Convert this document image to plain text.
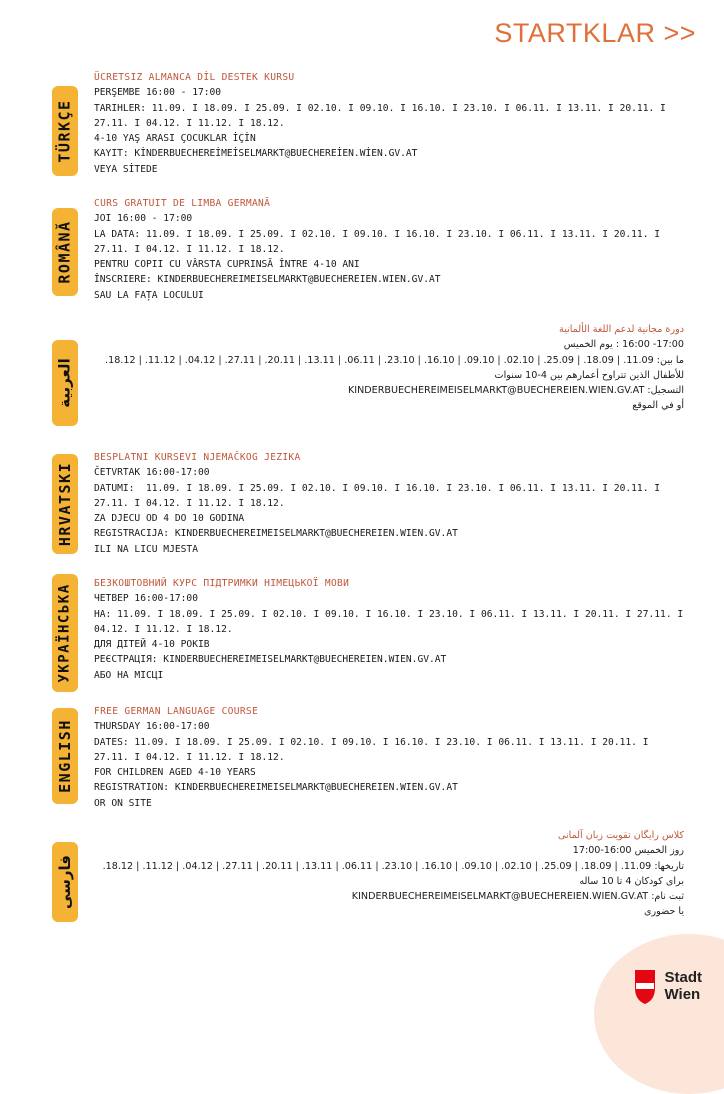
STARTKLAR >>
TÜRKÇE
ÜCRETSIZ ALMANCA DİL DESTEK KURSU
PERŞEMBE 16:00 - 17:00
TARIHLER: 11.09. I 18.09. I 25.09. I 02.10. I 09.10. I 16.10. I 23.10. I 06.11. I 13.11. I 20.11. I 27.11. I 04.12. I 11.12. I 18.12.
4-10 YAŞ ARASI ÇOCUKLAR İÇİN
KAYIT: KİNDERBUECHEREİMEİSELMARKT@BUECHEREİEN.WİEN.GV.AT
VEYA SİTEDE
ROMÂNĂ
CURS GRATUIT DE LIMBA GERMANĂ
JOI 16:00 - 17:00
LA DATA: 11.09. I 18.09. I 25.09. I 02.10. I 09.10. I 16.10. I 23.10. I 06.11. I 13.11. I 20.11. I 27.11. I 04.12. I 11.12. I 18.12.
PENTRU COPII CU VÂRSTA CUPRINSĂ ÎNTRE 4-10 ANI
ÎNSCRIERE: KINDERBUECHEREIMEISELMARKT@BUECHEREIEN.WIEN.GV.AT
SAU LA FAȚA LOCULUI
العربية
دورة مجانية لدعم اللغة الألمانية
17:00- 16:00 : يوم الخميس
ما بين: 11.09. | 18.09. | 25.09. | 02.10. | 09.10. | 16.10. | 23.10. | 06.11. | 13.11. | 20.11. | 27.11. | 04.12. | 11.12. | 18.12.
للأطفال الذين تتراوح أعمارهم بين 4-10 سنوات
التسجيل: KINDERBUECHEREIMEISELMARKT@BUECHEREIEN.WIEN.GV.AT
أو في الموقع
HRVATSKI
BESPLATNI KURSEVI NJEMAČKOG JEZIKA
ČETVRTAK 16:00-17:00
DATUMI:  11.09. I 18.09. I 25.09. I 02.10. I 09.10. I 16.10. I 23.10. I 06.11. I 13.11. I 20.11. I 27.11. I 04.12. I 11.12. I 18.12.
ZA DJECU OD 4 DO 10 GODINA
REGISTRACIJA: KINDERBUECHEREIMEISELMARKT@BUECHEREIEN.WIEN.GV.AT
ILI NA LICU MJESTA
УКРАЇНСЬКА БЕЗКОШТОВНИЙ КУРС ПІДТРИМКИ НІМЕЦЬКОЇ МОВИ
ЧЕТВЕР 16:00-17:00
НА: 11.09. I 18.09. I 25.09. I 02.10. I 09.10. I 16.10. I 23.10. I 06.11. I 13.11. I 20.11. I 27.11. I 04.12. I 11.12. I 18.12.
ДЛЯ ДІТЕЙ 4-10 РОКІВ
РЕЄСТРАЦІЯ: KINDERBUECHEREIMEISELMARKT@BUECHEREIEN.WIEN.GV.AT
АБО НА МІСЦІ
ENGLISH
FREE GERMAN LANGUAGE COURSE
THURSDAY 16:00-17:00
DATES: 11.09. I 18.09. I 25.09. I 02.10. I 09.10. I 16.10. I 23.10. I 06.11. I 13.11. I 20.11. I 27.11. I 04.12. I 11.12. I 18.12.
FOR CHILDREN AGED 4-10 YEARS
REGISTRATION: KINDERBUECHEREIMEISELMARKT@BUECHEREIEN.WIEN.GV.AT
OR ON SITE
فارسی
کلاس رایگان تقویت زبان آلمانی
روز الخمیس 16:00-17:00
تاریخها: 11.09. | 18.09. | 25.09. | 02.10. | 09.10. | 16.10. | 23.10. | 06.11. | 13.11. | 20.11. | 27.11. | 04.12. | 11.12. | 18.12.
برای کودکان 4 تا 10 ساله
ثبت نام: KINDERBUECHEREIMEISELMARKT@BUECHEREIEN.WIEN.GV.AT
یا حضوری
Stadt
Wien
